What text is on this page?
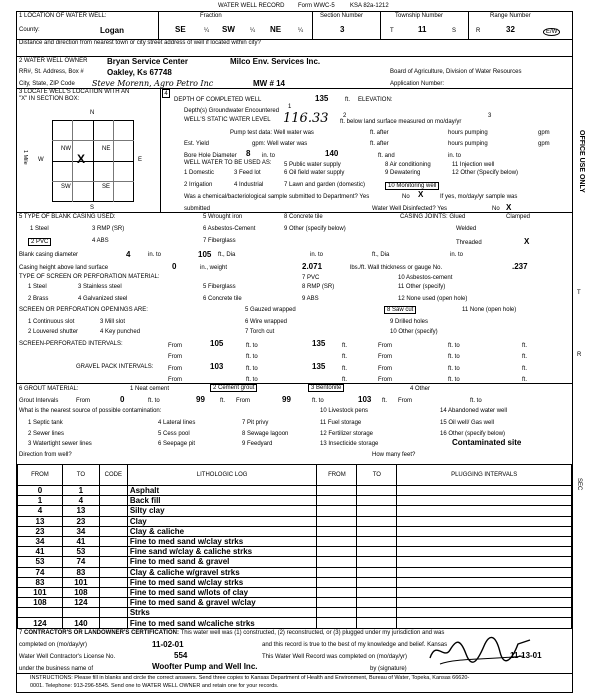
WATER WELL RECORD Form WWC-5	KSA 82a-1212
1 LOCATION OF WATER WELL:
County:	Logan
Fraction
SE	¼ SW	¼ NE	¼
Section Number
3
Township Number
T	11	S
Range Number
R	32	E/W
Distance and direction from nearest town or city street address of well if located within city?
2 WATER WELL OWNER Bryan Service Center	Milco Env. Services Inc.
RR#, St. Address, Box #	Oakley, Ks 67748
City, State, ZIP Code Steve Morenn, Agro Petro Inc	MW # 14
Board of Agriculture, Division of Water Resources
Application Number:
3 LOCATE WELL'S LOCATION WITH AN "X" IN SECTION BOX:
N
S
W	E
NW	NE
SW	SE
X
1 Mile
4
DEPTH OF COMPLETED WELL	135	ft. ELEVATION:
Depth(s) Groundwater Encountered
1
2	3
WELL'S STATIC WATER LEVEL 116.33 ft. below land surface measured on mo/day/yr
Pump test data: Well water was	ft. after	hours pumping	gpm
Est. Yield	gpm: Well water was	ft. after	hours pumping	gpm
Bore Hole Diameter 8 in. to	140	ft. and	in. to
WELL WATER TO BE USED AS:
1 Domestic	3 Feed lot
5 Public water supply	8 Air conditioning	11 Injection well
2 Irrigation	4 Industrial
6 Oil field water supply
7 Lawn and garden (domestic)
9 Dewatering
10 Monitoring well
12 Other (Specify below)
Was a chemical/bacteriological sample submitted to Department? Yes	No X	If yes, mo/day/yr sample was
submitted	Water Well Disinfected? Yes	No X
5 TYPE OF BLANK CASING USED:
1 Steel	3 RMP (SR)
5 Wrought iron	8 Concrete tile
2 PVC	4 ABS
6 Asbestos-Cement
7 Fiberglass
9 Other (specify below)
CASING JOINTS: Glued	Clamped
Welded
Threaded	X
Blank casing diameter	4	in. to	105 ft., Dia	in. to	ft., Dia	in. to
Casing height above land surface	0	in., weight	2.071	lbs./ft. Wall thickness or gauge No.	.237
TYPE OF SCREEN OR PERFORATION MATERIAL:
1 Steel	3 Stainless steel	5 Fiberglass
7 PVC	10 Asbestos-cement
2 Brass	4 Galvanized steel	6 Concrete tile
8 RMP (SR)
9 ABS
11 Other (specify)
12 None used (open hole)
SCREEN OR PERFORATION OPENINGS ARE:
1 Continuous slot	3 Mill slot
5 Gauzed wrapped
6 Wire wrapped
8 Saw cut
9 Drilled holes
11 None (open hole)
2 Louvered shutter	4 Key punched	7 Torch cut	10 Other (specify)
SCREEN-PERFORATED INTERVALS:	From	105	ft. to	135	ft.	From	ft. to	ft.
From	ft. to	ft.	From	ft. to	ft.
GRAVEL PACK INTERVALS: From	103	ft. to	135	ft.	From	ft. to	ft.
From	ft. to	ft.	From	ft. to	ft.
6 GROUT MATERIAL:	1 Neat cement	2 Cement grout	3 Bentonite	4 Other
Grout Intervals	From	0	ft. to	99	ft. From	99	ft. to	103 ft. From	ft. to
What is the nearest source of possible contamination:
1 Septic tank	4 Lateral lines	7 Pit privy
10 Livestock pens	14 Abandoned water well
2 Sewer lines	5 Cess pool	8 Sewage lagoon
11 Fuel storage	15 Oil well/ Gas well
3 Watertight sewer lines	6 Seepage pit	9 Feedyard
12 Fertilizer storage	16 Other (specify below)
13 Insecticide storage	Contaminated site
Direction from well?	How many feet?
FROM	TO	CODE	LITHOLOGIC LOG	FROM	TO	PLUGGING INTERVALS
0	1		Asphalt			
1	4		Back fill			
4	13		Silty clay			
13	23		Clay			
23	34		Clay & caliche			
34	41		Fine to med sand w/clay strks			
41	53		Fine sand w/clay & caliche strks			
53	74		Fine to med sand & gravel			
74	83		Clay & caliche w/gravel strks			
83	101		Fine to med sand w/clay strks			
101	108		Fine to med sand w/lots of clay			
108	124		Fine to med sand & gravel w/clay			
			Strks			
124	140		Fine to med sand w/caliche strks			
7 CONTRACTOR'S OR LANDOWNER'S CERTIFICATION: This water well was (1) constructed, (2) reconstructed, or (3) plugged under my jurisdiction and was
completed on (mo/day/yr)	11-02-01	and this record is true to the best of my knowledge and belief. Kansas
Water Well Contractor's License No.	554	This Water Well Record was completed on (mo/day/yr)	11-13-01
under the business name of	Woofter Pump and Well Inc.	by (signature)
INSTRUCTIONS: Please fill in blanks and circle the correct answers. Send three copies to Kansas Department of Health and Environment, Bureau of Water, Topeka, Kansas 66620-
0001. Telephone: 913-296-5545. Send one to WATER WELL OWNER and retain one for your records.
OFFICE USE ONLY
T
R
SEC
